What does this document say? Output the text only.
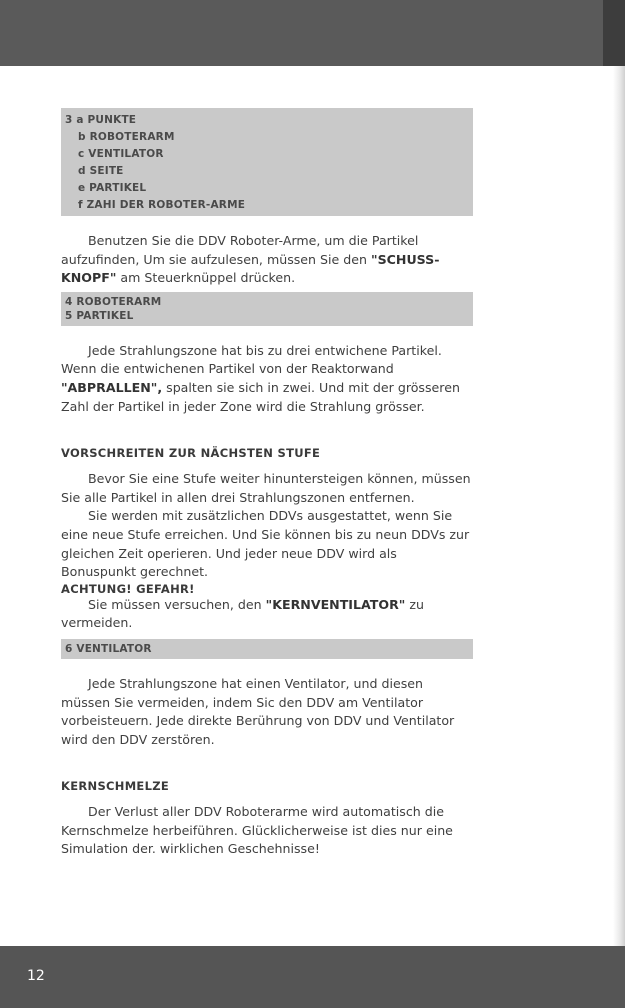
12
3 a PUNKTE
b ROBOTERARM
c VENTILATOR
d SEITE
e PARTIKEL
f ZAHI DER ROBOTER-ARME

Benutzen Sie die DDV Roboter-Arme, um die Partikel aufzufinden, Um sie aufzulesen, müssen Sie den "SCHUSS-KNOPF" am Steuerknüppel drücken.

4 ROBOTERARM
5 PARTIKEL

Jede Strahlungszone hat bis zu drei entwichene Partikel. Wenn die entwichenen Partikel von der Reaktorwand "ABPRALLEN", spalten sie sich in zwei. Und mit der grösseren Zahl der Partikel in jeder Zone wird die Strahlung grösser.

VORSCHREITEN ZUR NÄCHSTEN STUFE

Bevor Sie eine Stufe weiter hinuntersteigen können, müssen Sie alle Partikel in allen drei Strahlungszonen entfernen.

Sie werden mit zusätzlichen DDVs ausgestattet, wenn Sie eine neue Stufe erreichen. Und Sie können bis zu neun DDVs zur gleichen Zeit operieren. Und jeder neue DDV wird als Bonuspunkt gerechnet.

ACHTUNG! GEFAHR!

Sie müssen versuchen, den "KERNVENTILATOR" zu vermeiden.

6 VENTILATOR

Jede Strahlungszone hat einen Ventilator, und diesen müssen Sie vermeiden, indem Sic den DDV am Ventilator vorbeisteuern. Jede direkte Berührung von DDV und Ventilator wird den DDV zerstören.

KERNSCHMELZE

Der Verlust aller DDV Roboterarme wird automatisch die Kernschmelze herbeiführen. Glücklicherweise ist dies nur eine Simulation der. wirklichen Geschehnisse!
